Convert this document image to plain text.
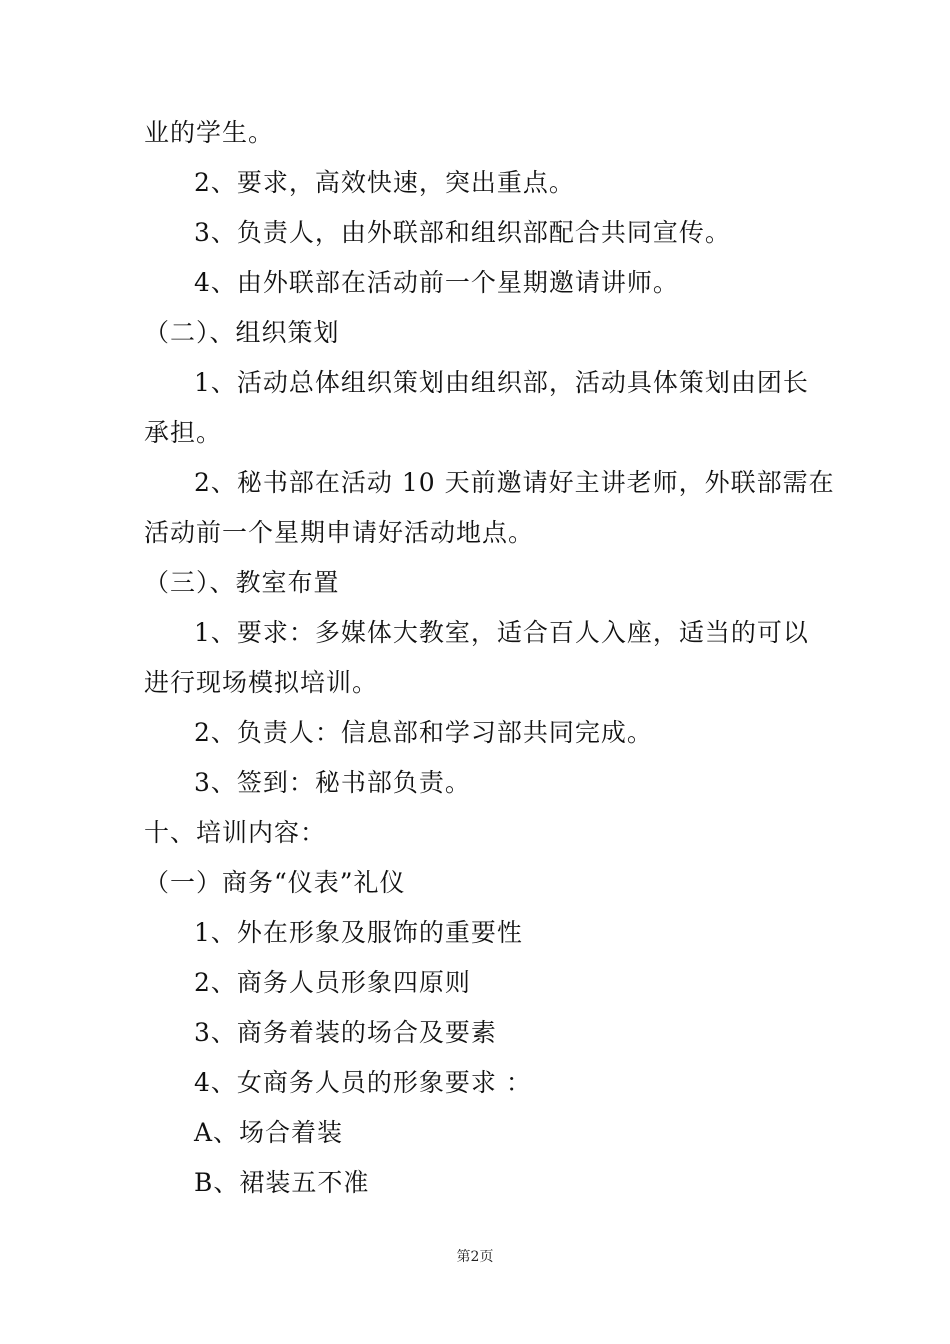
业的学生。
2、要求，高效快速，突出重点。
3、负责人，由外联部和组织部配合共同宣传。
4、由外联部在活动前一个星期邀请讲师。
（二）、组织策划
1、活动总体组织策划由组织部，活动具体策划由团长
承担。
2、秘书部在活动 10 天前邀请好主讲老师，外联部需在
活动前一个星期申请好活动地点。
（三）、教室布置
1、要求：多媒体大教室，适合百人入座，适当的可以
进行现场模拟培训。
2、负责人：信息部和学习部共同完成。
3、签到：秘书部负责。
十、培训内容：
（一）商务“仪表”礼仪
1、外在形象及服饰的重要性
2、商务人员形象四原则
3、商务着装的场合及要素
4、女商务人员的形象要求 ：
A、场合着装
B、裙装五不准
第2页
